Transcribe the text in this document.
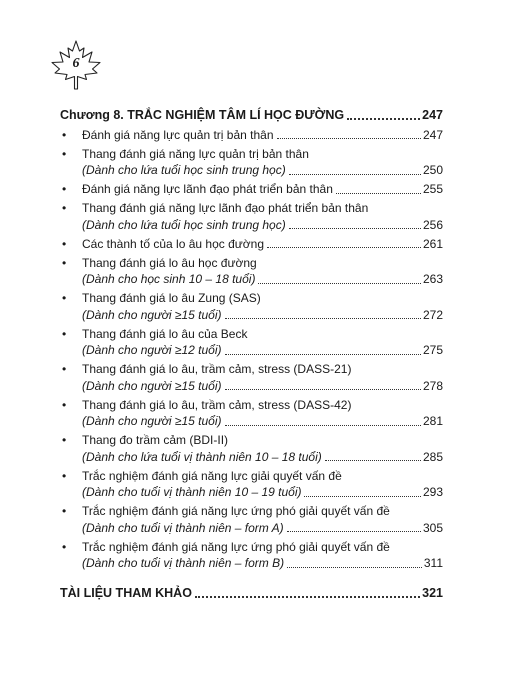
6
Chương 8. TRẮC NGHIỆM TÂM LÍ HỌC ĐƯỜNG	247
•	Đánh giá năng lực quản trị bản thân	247
•	Thang đánh giá năng lực quản trị bản thân
(Dành cho lứa tuổi học sinh trung học)	250
•	Đánh giá năng lực lãnh đạo phát triển bản thân	255
•	Thang đánh giá năng lực lãnh đạo phát triển bản thân
(Dành cho lứa tuổi học sinh trung học)	256
•	Các thành tố của lo âu học đường	261
•	Thang đánh giá lo âu học đường
(Dành cho học sinh 10 – 18 tuổi)	263
•	Thang đánh giá lo âu Zung (SAS)
(Dành cho người ≥15 tuổi)	272
•	Thang đánh giá lo âu của Beck
(Dành cho người ≥12 tuổi)	275
•	Thang đánh giá lo âu, trầm cảm, stress (DASS-21)
(Dành cho người ≥15 tuổi)	278
•	Thang đánh giá lo âu, trầm cảm, stress (DASS-42)
(Dành cho người ≥15 tuổi)	281
•	Thang đo trầm cảm (BDI-II)
(Dành cho lứa tuổi vị thành niên 10 – 18 tuổi)	285
•	Trắc nghiệm đánh giá năng lực giải quyết vấn đề
(Dành cho tuổi vị thành niên 10 – 19 tuổi)	293
•	Trắc nghiệm đánh giá năng lực ứng phó giải quyết vấn đề
(Dành cho tuổi vị thành niên – form A)	305
•	Trắc nghiệm đánh giá năng lực ứng phó giải quyết vấn đề
(Dành cho tuổi vị thành niên – form B)	311
TÀI LIỆU THAM KHẢO	321
